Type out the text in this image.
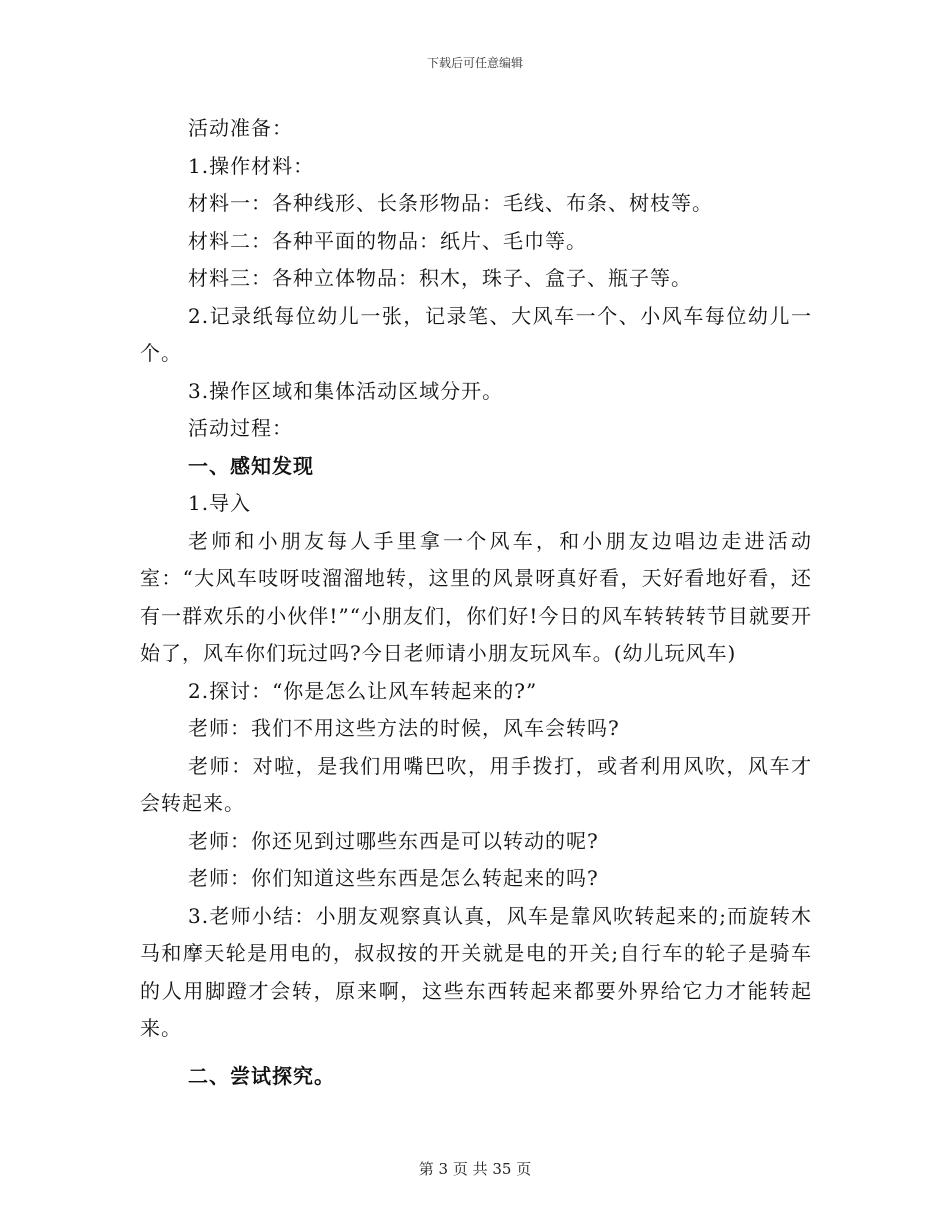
下载后可任意编辑

活动准备：

1.操作材料：

材料一：各种线形、长条形物品：毛线、布条、树枝等。

材料二：各种平面的物品：纸片、毛巾等。

材料三：各种立体物品：积木，珠子、盒子、瓶子等。

2.记录纸每位幼儿一张，记录笔、大风车一个、小风车每位幼儿一个。

3.操作区域和集体活动区域分开。

活动过程：

一、感知发现

1.导入

老师和小朋友每人手里拿一个风车，和小朋友边唱边走进活动室：“大风车吱呀吱溜溜地转，这里的风景呀真好看，天好看地好看，还有一群欢乐的小伙伴!”“小朋友们，你们好!今日的风车转转转节目就要开始了，风车你们玩过吗?今日老师请小朋友玩风车。(幼儿玩风车)

2.探讨：“你是怎么让风车转起来的?”

老师：我们不用这些方法的时候，风车会转吗?

老师：对啦，是我们用嘴巴吹，用手拨打，或者利用风吹，风车才会转起来。

老师：你还见到过哪些东西是可以转动的呢?

老师：你们知道这些东西是怎么转起来的吗?

3.老师小结：小朋友观察真认真，风车是靠风吹转起来的;而旋转木马和摩天轮是用电的，叔叔按的开关就是电的开关;自行车的轮子是骑车的人用脚蹬才会转，原来啊，这些东西转起来都要外界给它力才能转起来。

二、尝试探究。

第 3 页 共 35 页
